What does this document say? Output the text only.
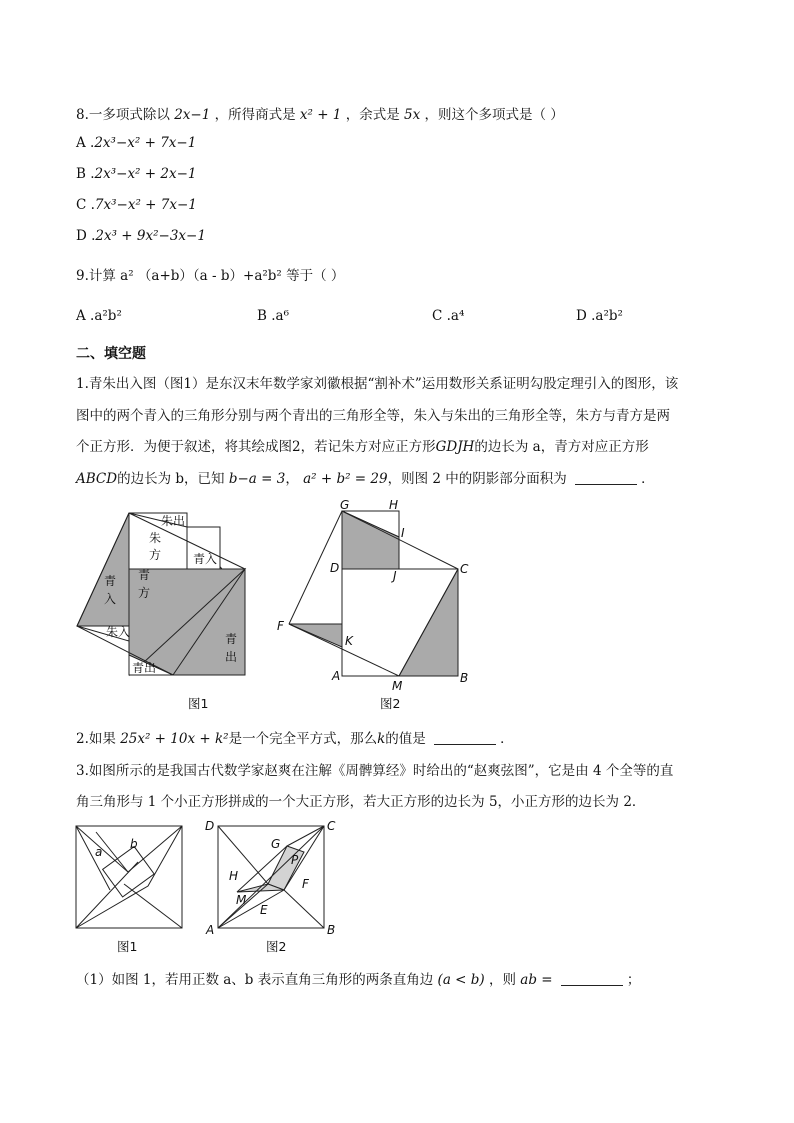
8.一多项式除以 2x−1 ，所得商式是 x² + 1 ，余式是 5x ，则这个多项式是（ ）
A .2x³−x² + 7x−1
B .2x³−x² + 2x−1
C .7x³−x² + 7x−1
D .2x³ + 9x²−3x−1
9.计算 a² （a+b）（a - b）+a²b² 等于（ ）
A .a²b²	B .a⁶	C .a⁴	D .a²b²
二、填空题
1.青朱出入图（图1）是东汉末年数学家刘徽根据“割补术”运用数形关系证明勾股定理引入的图形，该
图中的两个青入的三角形分别与两个青出的三角形全等，朱入与朱出的三角形全等，朱方与青方是两
个正方形．为便于叙述，将其绘成图2，若记朱方对应正方形GDJH的边长为 a，青方对应正方形
ABCD的边长为 b，已知 b−a = 3， a² + b² = 29，则图 2 中的阴影部分面积为	．
朱出
朱
方	青入
青
方
青
入
朱入
青出
青
出
图1
G	H
I
D
J	C
F
K
A
M
B
图2
2.如果 25x² + 10x + k²是一个完全平方式，那么k的值是	．
3.如图所示的是我国古代数学家赵爽在注解《周髀算经》时给出的“赵爽弦图”，它是由 4 个全等的直
角三角形与 1 个小正方形拼成的一个大正方形，若大正方形的边长为 5，小正方形的边长为 2．
a
b
图1
D	C
G
P
H
F
M
E
A	B
图2
（1）如图 1，若用正数 a、b 表示直角三角形的两条直角边 (a < b) ，则 ab =	；
